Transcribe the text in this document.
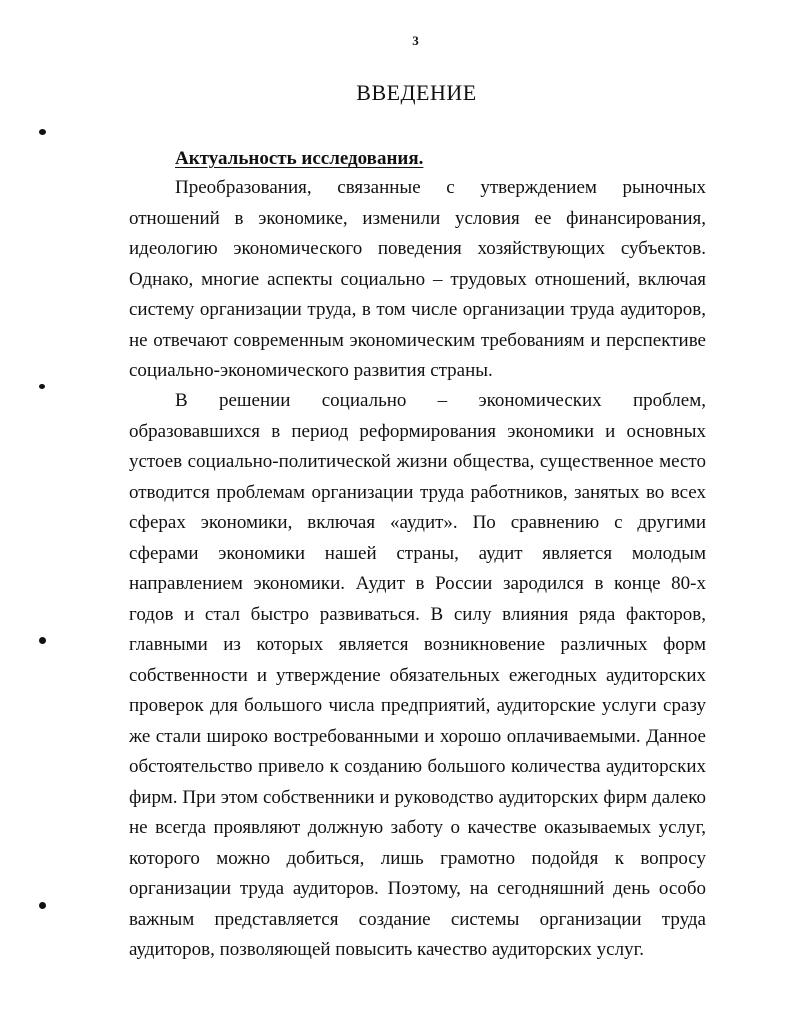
3
ВВЕДЕНИЕ
Актуальность исследования.

Преобразования, связанные с утверждением рыночных отношений в экономике, изменили условия ее финансирования, идеологию экономического поведения хозяйствующих субъектов. Однако, многие аспекты социально – трудовых отношений, включая систему организации труда, в том числе организации труда аудиторов, не отвечают современным экономическим требованиям и перспективе социально-экономического развития страны.

В решении социально – экономических проблем, образовавшихся в период реформирования экономики и основных устоев социально-политической жизни общества, существенное место отводится проблемам организации труда работников, занятых во всех сферах экономики, включая «аудит». По сравнению с другими сферами экономики нашей страны, аудит является молодым направлением экономики. Аудит в России зародился в конце 80-х годов и стал быстро развиваться. В силу влияния ряда факторов, главными из которых является возникновение различных форм собственности и утверждение обязательных ежегодных аудиторских проверок для большого числа предприятий, аудиторские услуги сразу же стали широко востребованными и хорошо оплачиваемыми. Данное обстоятельство привело к созданию большого количества аудиторских фирм. При этом собственники и руководство аудиторских фирм далеко не всегда проявляют должную заботу о качестве оказываемых услуг, которого можно добиться, лишь грамотно подойдя к вопросу организации труда аудиторов. Поэтому, на сегодняшний день особо важным представляется создание системы организации труда аудиторов, позволяющей повысить качество аудиторских услуг.
